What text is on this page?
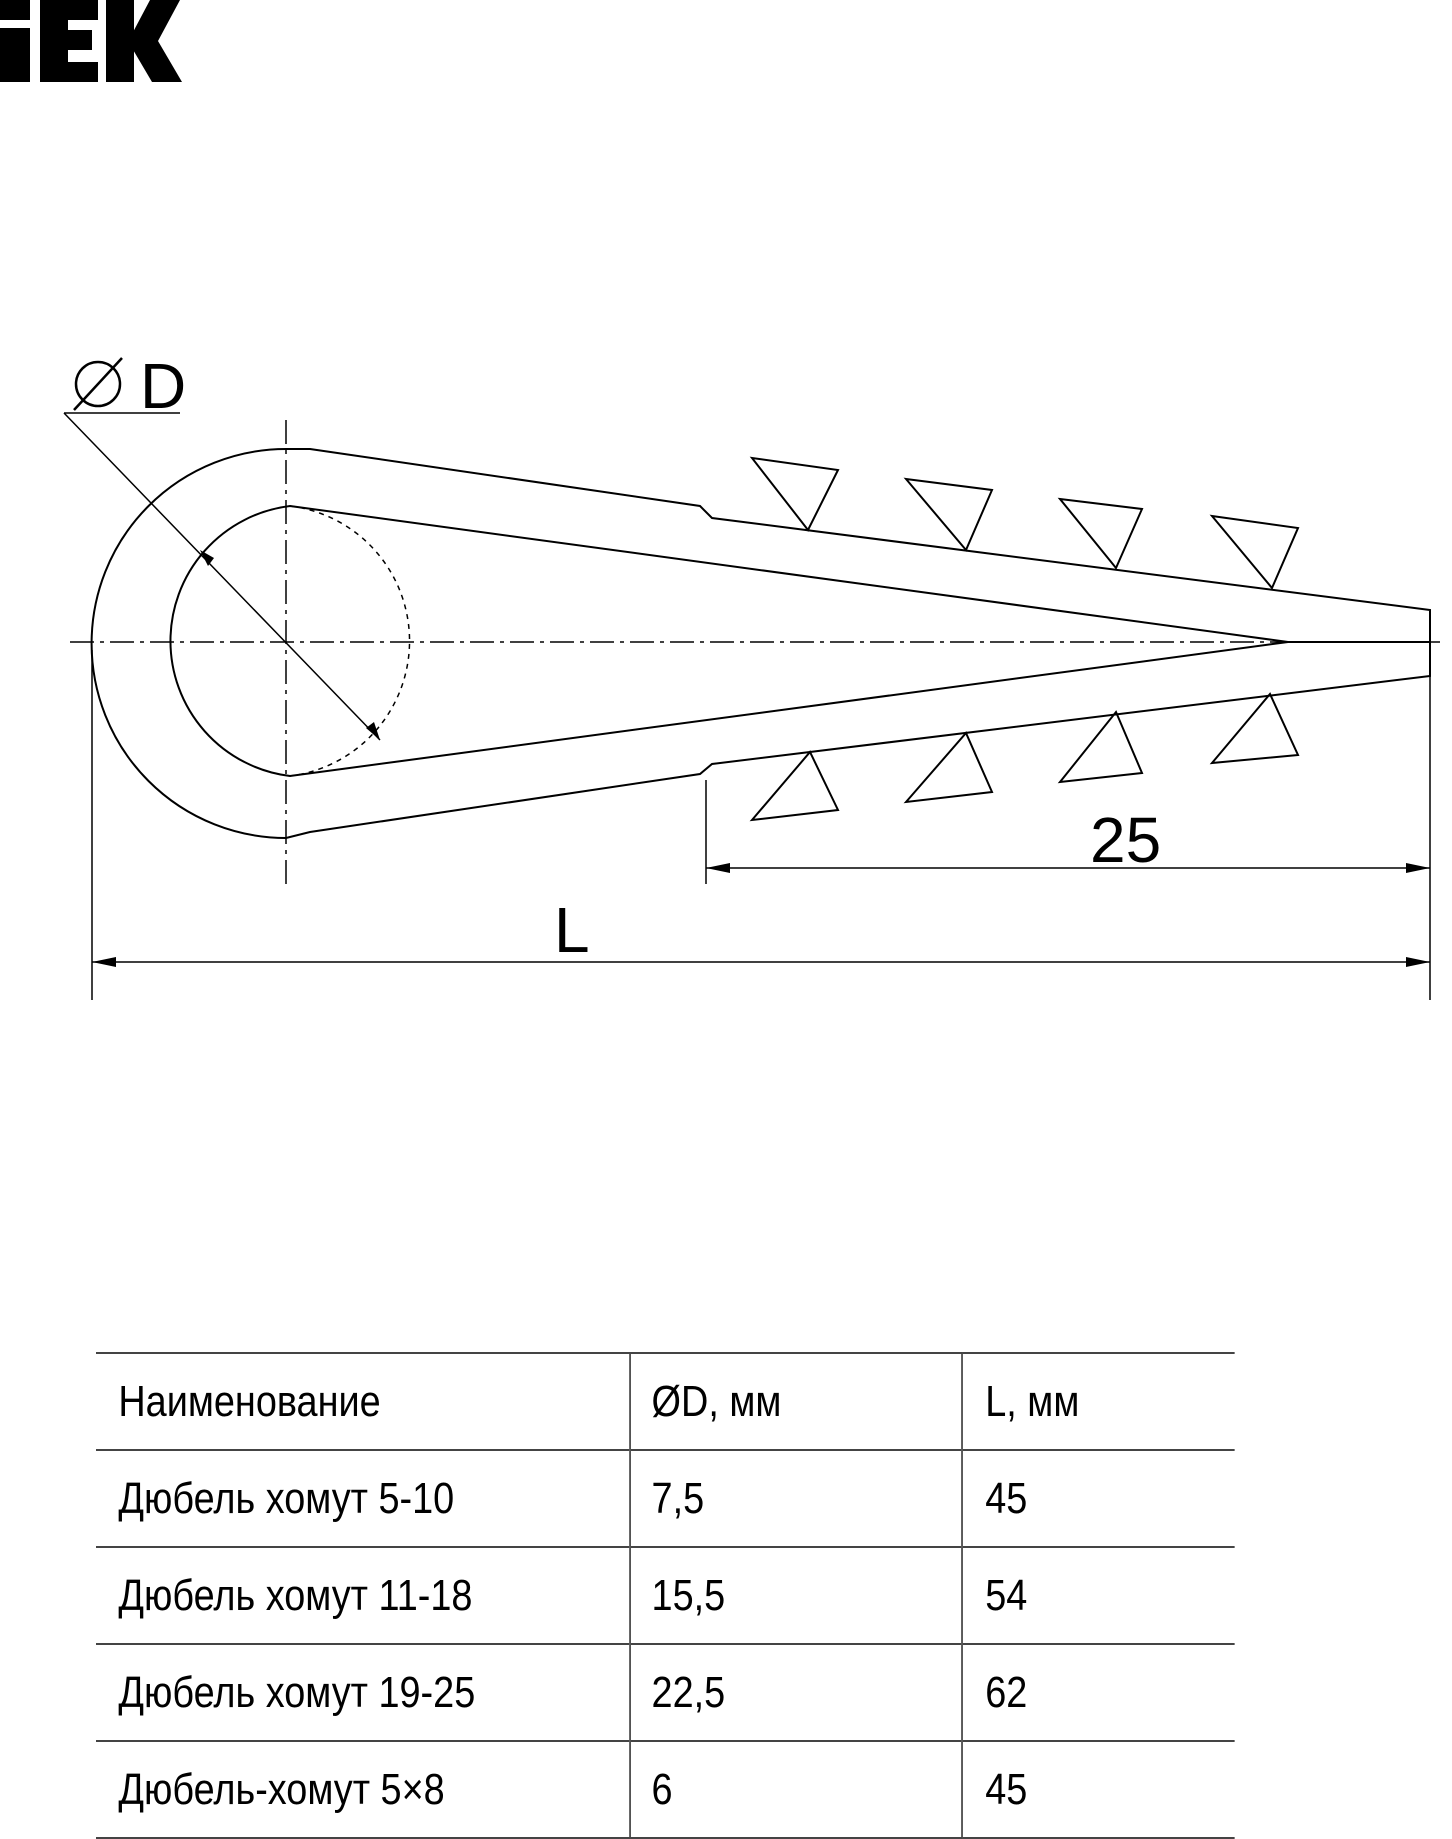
D
25
L
Наименование	ØD, мм	L, мм
Дюбель хомут 5-10	7,5	45
Дюбель хомут 11-18	15,5	54
Дюбель хомут 19-25	22,5	62
Дюбель-хомут 5×8	6	45
